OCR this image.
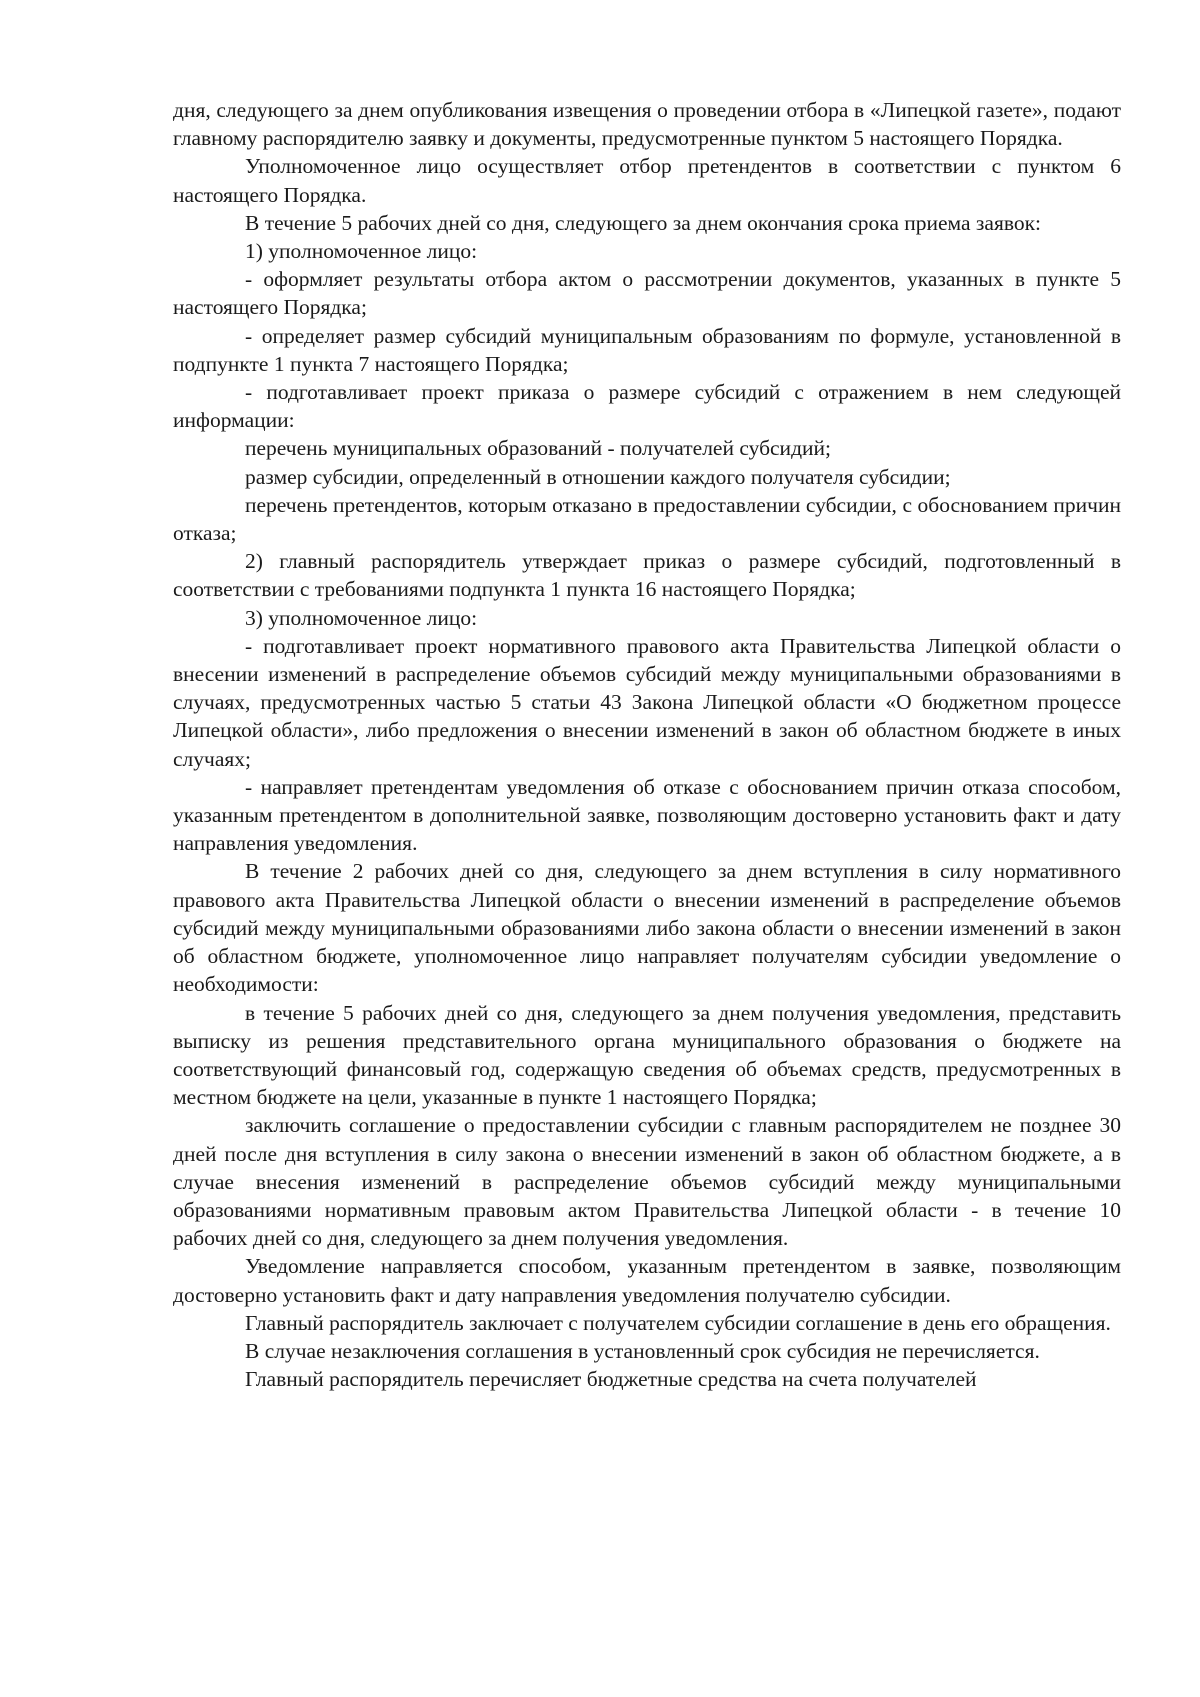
дня, следующего за днем опубликования извещения о проведении отбора в «Липецкой газете», подают главному распорядителю заявку и документы, предусмотренные пунктом 5 настоящего Порядка.

Уполномоченное лицо осуществляет отбор претендентов в соответствии с пунктом 6 настоящего Порядка.

В течение 5 рабочих дней со дня, следующего за днем окончания срока приема заявок:

1) уполномоченное лицо:

- оформляет результаты отбора актом о рассмотрении документов, указанных в пункте 5 настоящего Порядка;

- определяет размер субсидий муниципальным образованиям по формуле, установленной в подпункте 1 пункта 7 настоящего Порядка;

- подготавливает проект приказа о размере субсидий с отражением в нем следующей информации:

перечень муниципальных образований - получателей субсидий;

размер субсидии, определенный в отношении каждого получателя субсидии;

перечень претендентов, которым отказано в предоставлении субсидии, с обоснованием причин отказа;

2) главный распорядитель утверждает приказ о размере субсидий, подготовленный в соответствии с требованиями подпункта 1 пункта 16 настоящего Порядка;

3) уполномоченное лицо:

- подготавливает проект нормативного правового акта Правительства Липецкой области о внесении изменений в распределение объемов субсидий между муниципальными образованиями в случаях, предусмотренных частью 5 статьи 43 Закона Липецкой области «О бюджетном процессе Липецкой области», либо предложения о внесении изменений в закон об областном бюджете в иных случаях;

- направляет претендентам уведомления об отказе с обоснованием причин отказа способом, указанным претендентом в дополнительной заявке, позволяющим достоверно установить факт и дату направления уведомления.

В течение 2 рабочих дней со дня, следующего за днем вступления в силу нормативного правового акта Правительства Липецкой области о внесении изменений в распределение объемов субсидий между муниципальными образованиями либо закона области о внесении изменений в закон об областном бюджете, уполномоченное лицо направляет получателям субсидии уведомление о необходимости:

в течение 5 рабочих дней со дня, следующего за днем получения уведомления, представить выписку из решения представительного органа муниципального образования о бюджете на соответствующий финансовый год, содержащую сведения об объемах средств, предусмотренных в местном бюджете на цели, указанные в пункте 1 настоящего Порядка;

заключить соглашение о предоставлении субсидии с главным распорядителем не позднее 30 дней после дня вступления в силу закона о внесении изменений в закон об областном бюджете, а в случае внесения изменений в распределение объемов субсидий между муниципальными образованиями нормативным правовым актом Правительства Липецкой области - в течение 10 рабочих дней со дня, следующего за днем получения уведомления.

Уведомление направляется способом, указанным претендентом в заявке, позволяющим достоверно установить факт и дату направления уведомления получателю субсидии.

Главный распорядитель заключает с получателем субсидии соглашение в день его обращения.

В случае незаключения соглашения в установленный срок субсидия не перечисляется.

Главный распорядитель перечисляет бюджетные средства на счета получателей
